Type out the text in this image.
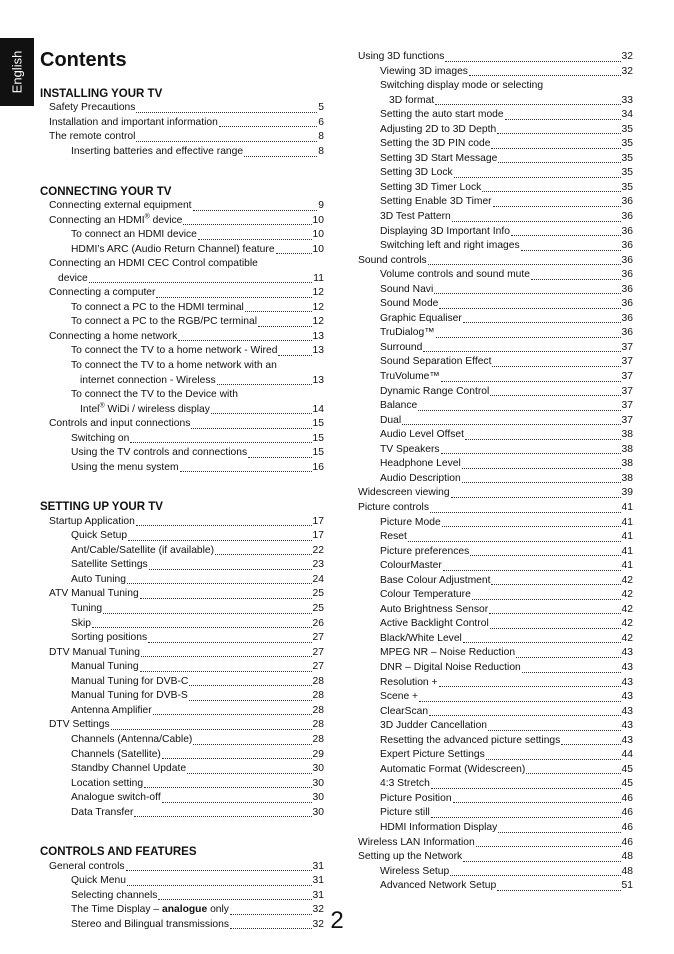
English Contents
INSTALLING YOUR TV
Safety Precautions	5
Installation and important information	6
The remote control	8
Inserting batteries and effective range	8
CONNECTING YOUR TV
Connecting external equipment	9
Connecting an HDMI® device	10
To connect an HDMI device	10
HDMI’s ARC (Audio Return Channel) feature	10
Connecting an HDMI CEC Control compatible
device	11
Connecting a computer	12
To connect a PC to the HDMI terminal	12
To connect a PC to the RGB/PC terminal	12
Connecting a home network	13
To connect the TV to a home network - Wired	13
To connect the TV to a home network with an
internet connection - Wireless	13
To connect the TV to the Device with
Intel® WiDi / wireless display	14
Controls and input connections	15
Switching on	15
Using the TV controls and connections	15
Using the menu system	16
SETTING UP YOUR TV
Startup Application	17
Quick Setup	17
Ant/Cable/Satellite (if available)	22
Satellite Settings	23
Auto Tuning	24
ATV Manual Tuning	25
Tuning	25
Skip	26
Sorting positions	27
DTV Manual Tuning	27
Manual Tuning	27
Manual Tuning for DVB-C	28
Manual Tuning for DVB-S	28
Antenna Amplifier	28
DTV Settings	28
Channels (Antenna/Cable)	28
Channels (Satellite)	29
Standby Channel Update	30
Location setting	30
Analogue switch-off	30
Data Transfer	30
CONTROLS AND FEATURES
General controls	31
Quick Menu	31
Selecting channels	31
The Time Display – analogue only	32
Stereo and Bilingual transmissions	32
Using 3D functions	32
Viewing 3D images	32
Switching display mode or selecting
3D format	33
Setting the auto start mode	34
Adjusting 2D to 3D Depth	35
Setting the 3D PIN code	35
Setting 3D Start Message	35
Setting 3D Lock	35
Setting 3D Timer Lock	35
Setting Enable 3D Timer	36
3D Test Pattern	36
Displaying 3D Important Info	36
Switching left and right images	36
Sound controls	36
Volume controls and sound mute	36
Sound Navi	36
Sound Mode	36
Graphic Equaliser	36
TruDialog™	36
Surround	37
Sound Separation Effect	37
TruVolume™	37
Dynamic Range Control	37
Balance	37
Dual	37
Audio Level Offset	38
TV Speakers	38
Headphone Level	38
Audio Description	38
Widescreen viewing	39
Picture controls	41
Picture Mode	41
Reset	41
Picture preferences	41
ColourMaster	41
Base Colour Adjustment	42
Colour Temperature	42
Auto Brightness Sensor	42
Active Backlight Control	42
Black/White Level	42
MPEG NR – Noise Reduction	43
DNR – Digital Noise Reduction	43
Resolution +	43
Scene +	43
ClearScan	43
3D Judder Cancellation	43
Resetting the advanced picture settings	43
Expert Picture Settings	44
Automatic Format (Widescreen)	45
4:3 Stretch	45
Picture Position	46
Picture still	46
HDMI Information Display	46
Wireless LAN Information	46
Setting up the Network	48
Wireless Setup	48
Advanced Network Setup	51
2
